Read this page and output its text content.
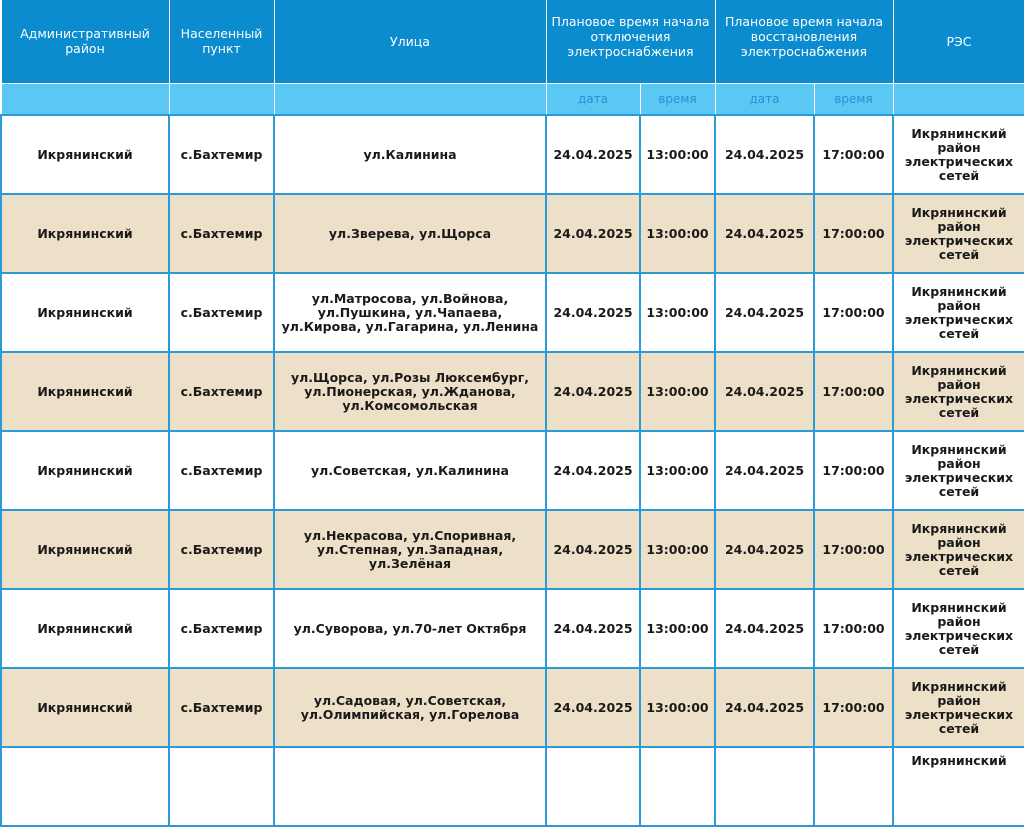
Административный район	Населенный пункт	Улица	Плановое время начала отключения электроснабжения		Плановое время начала восстановления электроснабжения		РЭС
			дата	время	дата	время	
Икрянинский	с.Бахтемир	ул.Калинина	24.04.2025	13:00:00	24.04.2025	17:00:00	Икрянинский район электрических сетей
Икрянинский	с.Бахтемир	ул.Зверева, ул.Щорса	24.04.2025	13:00:00	24.04.2025	17:00:00	Икрянинский район электрических сетей
Икрянинский	с.Бахтемир	ул.Матросова, ул.Войнова, ул.Пушкина, ул.Чапаева, ул.Кирова, ул.Гагарина, ул.Ленина	24.04.2025	13:00:00	24.04.2025	17:00:00	Икрянинский район электрических сетей
Икрянинский	с.Бахтемир	ул.Щорса, ул.Розы Люксембург, ул.Пионерская, ул.Жданова, ул.Комсомольская	24.04.2025	13:00:00	24.04.2025	17:00:00	Икрянинский район электрических сетей
Икрянинский	с.Бахтемир	ул.Советская, ул.Калинина	24.04.2025	13:00:00	24.04.2025	17:00:00	Икрянинский район электрических сетей
Икрянинский	с.Бахтемир	ул.Некрасова, ул.Споривная, ул.Степная, ул.Западная, ул.Зелёная	24.04.2025	13:00:00	24.04.2025	17:00:00	Икрянинский район электрических сетей
Икрянинский	с.Бахтемир	ул.Суворова, ул.70-лет Октября	24.04.2025	13:00:00	24.04.2025	17:00:00	Икрянинский район электрических сетей
Икрянинский	с.Бахтемир	ул.Садовая, ул.Советская, ул.Олимпийская, ул.Горелова	24.04.2025	13:00:00	24.04.2025	17:00:00	Икрянинский район электрических сетей
							Икрянинский
